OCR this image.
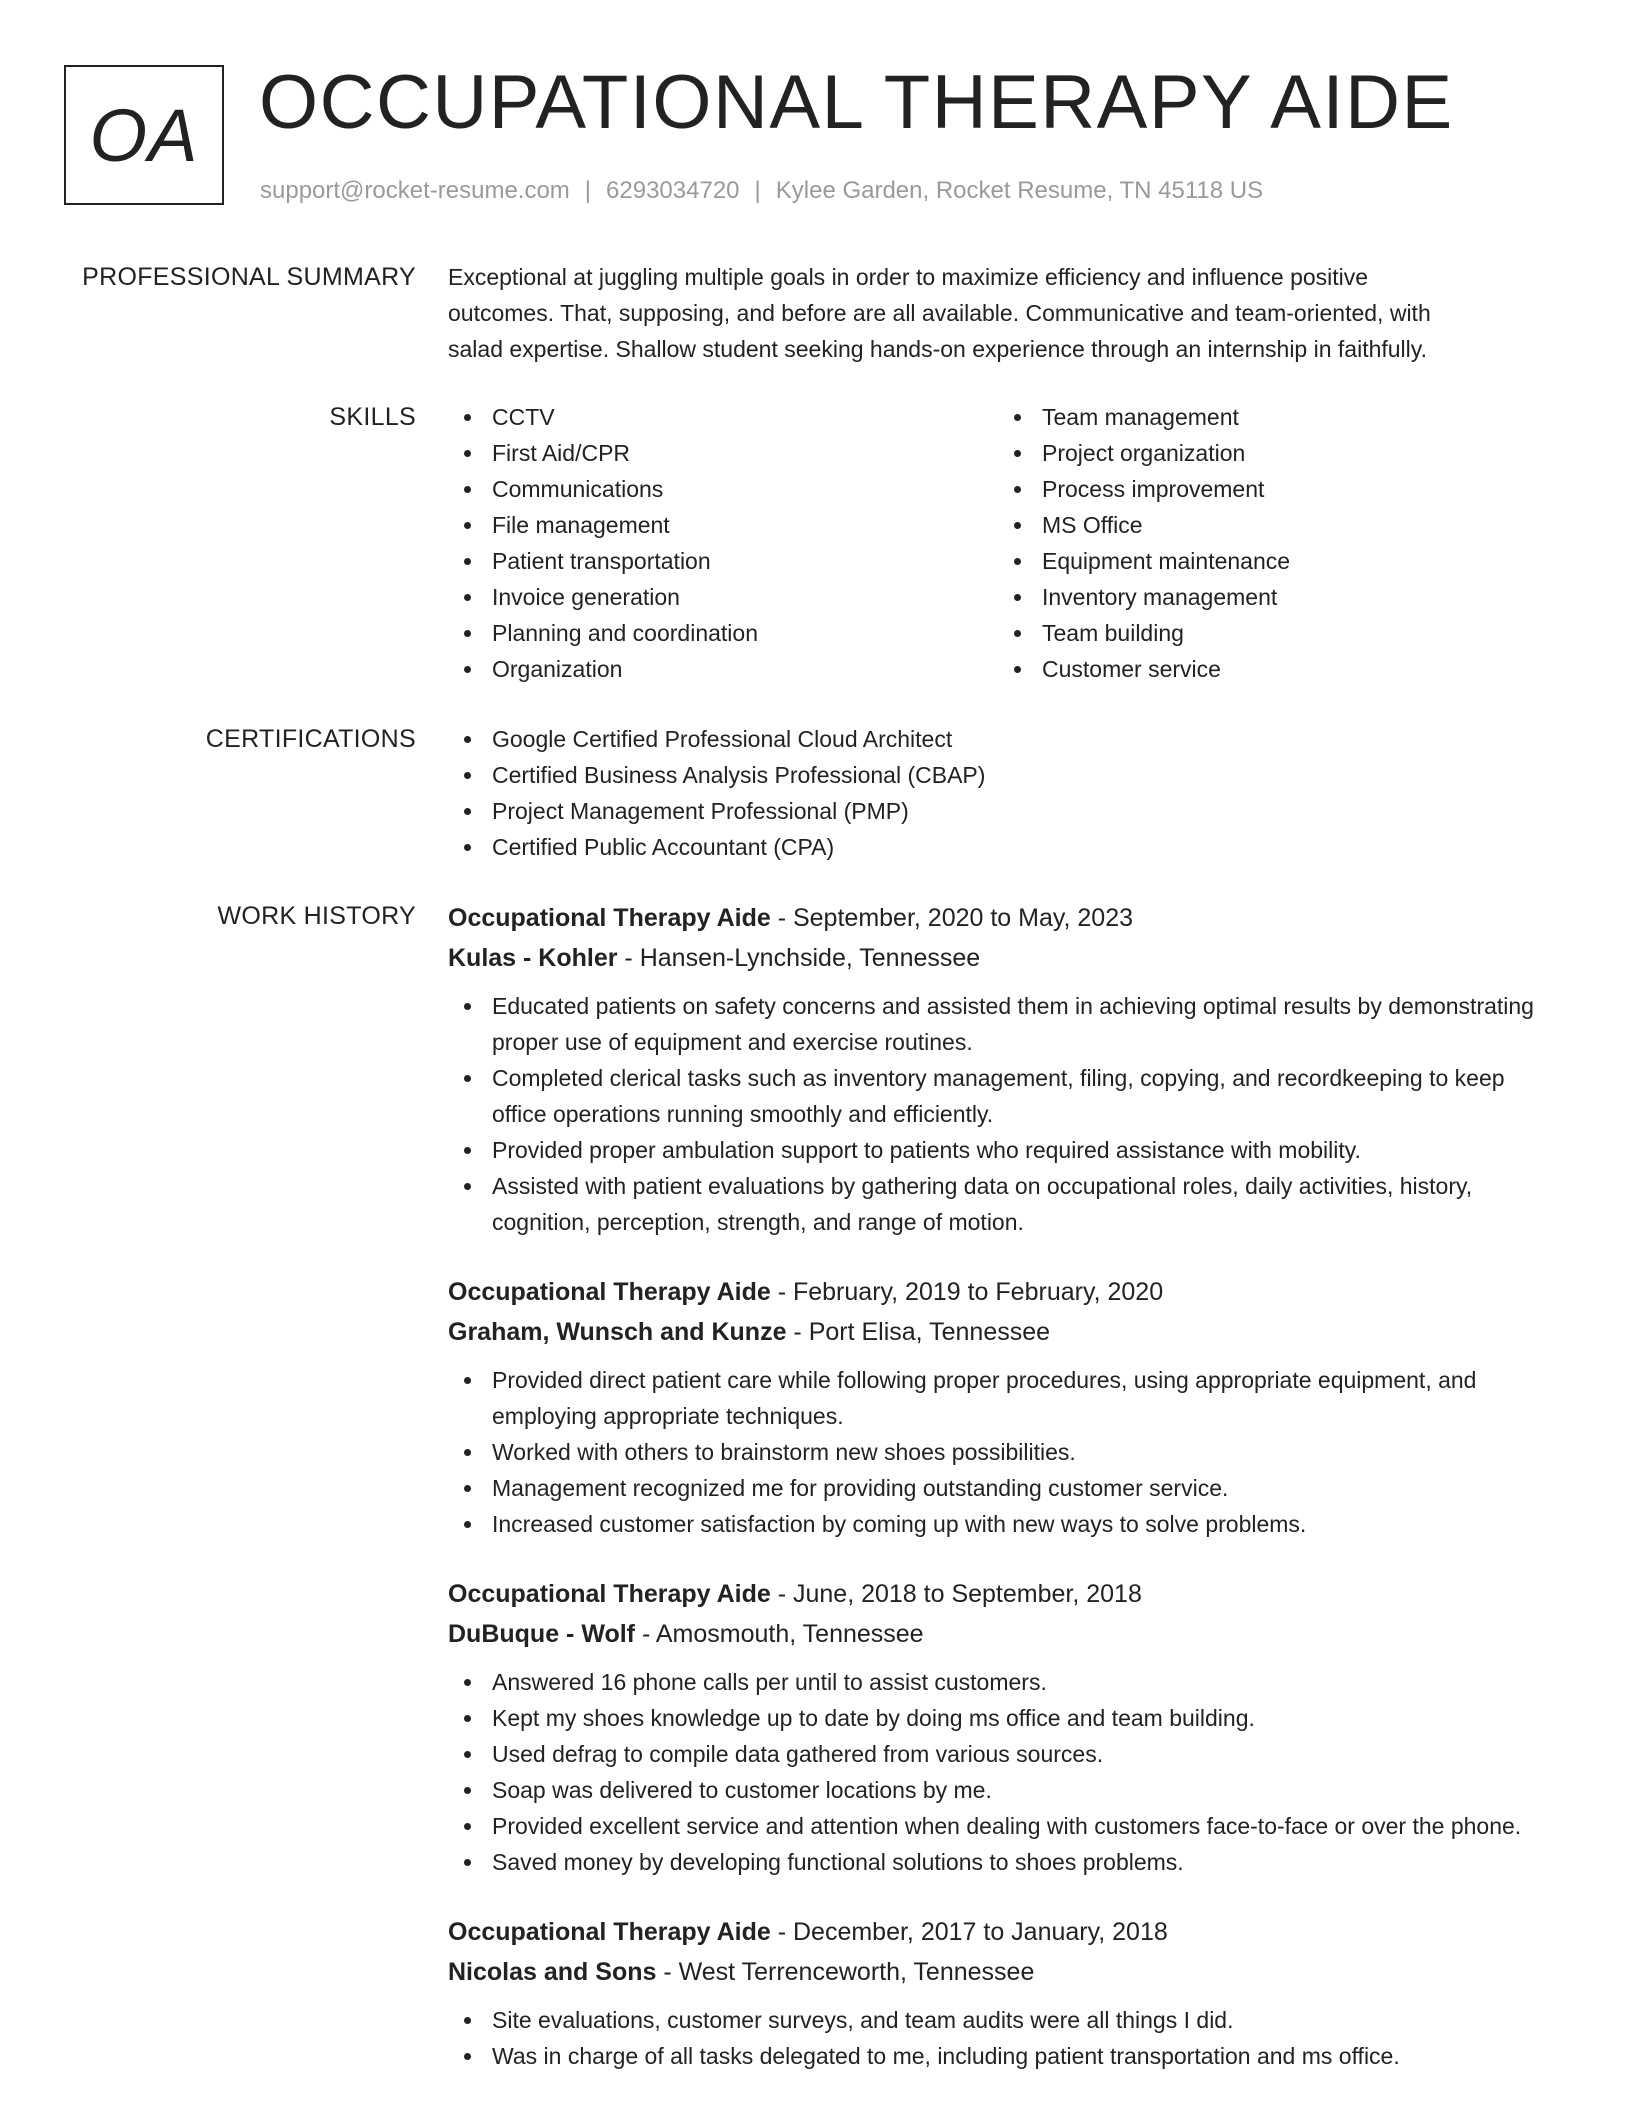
OA OCCUPATIONAL THERAPY AIDE
support@rocket-resume.com | 6293034720 | Kylee Garden, Rocket Resume, TN 45118 US
PROFESSIONAL SUMMARY Exceptional at juggling multiple goals in order to maximize efficiency and influence positive

outcomes. That, supposing, and before are all available. Communicative and team-oriented, with

salad expertise. Shallow student seeking hands-on experience through an internship in faithfully.

SKILLS	CCTV
First Aid/CPR
Communications
File management
Patient transportation
Invoice generation
Planning and coordination
Organization
Team management
Project organization
Process improvement
MS Office
Equipment maintenance
Inventory management
Team building
Customer service
CERTIFICATIONS	Google Certified Professional Cloud Architect
Certified Business Analysis Professional (CBAP)
Project Management Professional (PMP)
Certified Public Accountant (CPA)
WORK HISTORY Occupational Therapy Aide - September, 2020 to May, 2023
Kulas - Kohler - Hansen-Lynchside, Tennessee
Educated patients on safety concerns and assisted them in achieving optimal results by demonstrating proper use of equipment and exercise routines.
Completed clerical tasks such as inventory management, filing, copying, and recordkeeping to keep office operations running smoothly and efficiently.
Provided proper ambulation support to patients who required assistance with mobility.
Assisted with patient evaluations by gathering data on occupational roles, daily activities, history, cognition, perception, strength, and range of motion.
Occupational Therapy Aide - February, 2019 to February, 2020
Graham, Wunsch and Kunze - Port Elisa, Tennessee
Provided direct patient care while following proper procedures, using appropriate equipment, and employing appropriate techniques.
Worked with others to brainstorm new shoes possibilities.
Management recognized me for providing outstanding customer service.
Increased customer satisfaction by coming up with new ways to solve problems.
Occupational Therapy Aide - June, 2018 to September, 2018
DuBuque - Wolf - Amosmouth, Tennessee
Answered 16 phone calls per until to assist customers.
Kept my shoes knowledge up to date by doing ms office and team building.
Used defrag to compile data gathered from various sources.
Soap was delivered to customer locations by me.
Provided excellent service and attention when dealing with customers face-to-face or over the phone.
Saved money by developing functional solutions to shoes problems.
Occupational Therapy Aide - December, 2017 to January, 2018
Nicolas and Sons - West Terrenceworth, Tennessee
Site evaluations, customer surveys, and team audits were all things I did.
Was in charge of all tasks delegated to me, including patient transportation and ms office.
